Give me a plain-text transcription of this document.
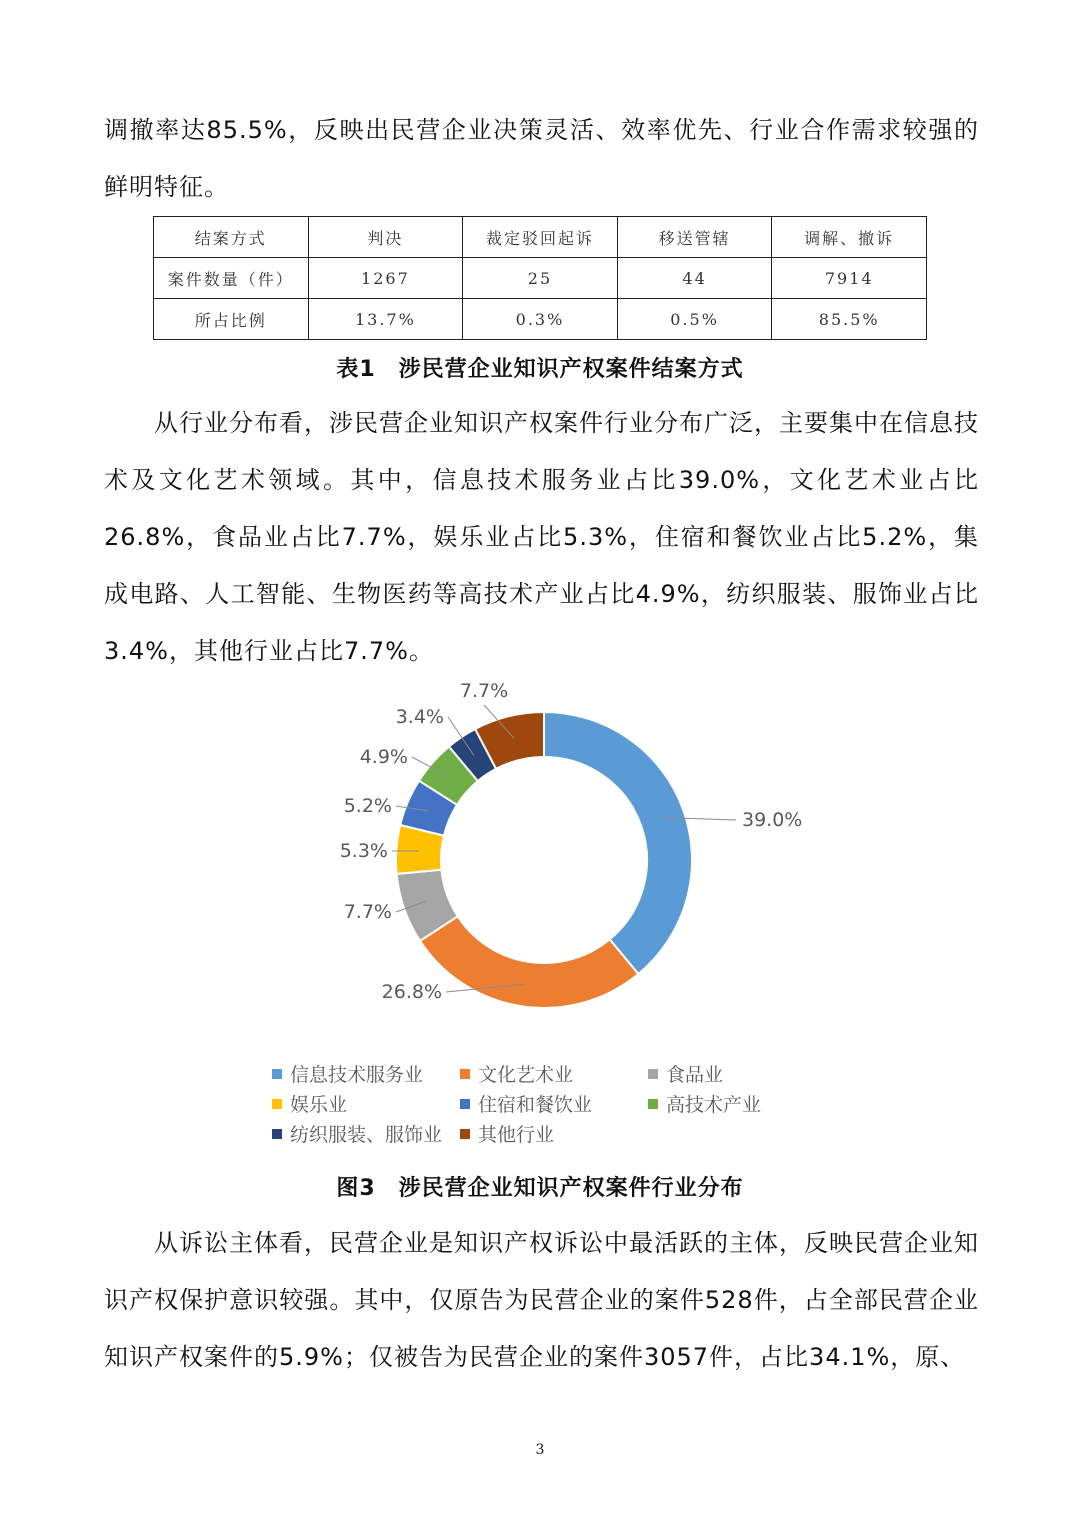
调撤率达85.5%，反映出民营企业决策灵活、效率优先、行业合作需求较强的鲜明特征。

结案方式	判决	裁定驳回起诉	移送管辖	调解、撤诉
案件数量（件）	1267	25	44	7914
所占比例	13.7%	0.3%	0.5%	85.5%

表1　涉民营企业知识产权案件结案方式

从行业分布看，涉民营企业知识产权案件行业分布广泛，主要集中在信息技术及文化艺术领域。其中，信息技术服务业占比39.0%，文化艺术业占比26.8%，食品业占比7.7%，娱乐业占比5.3%，住宿和餐饮业占比5.2%，集成电路、人工智能、生物医药等高技术产业占比4.9%，纺织服装、服饰业占比3.4%，其他行业占比7.7%。

39.0%
26.8%
7.7%
5.3%
5.2%
4.9%
3.4%
7.7%
信息技术服务业	文化艺术业	食品业
娱乐业	住宿和餐饮业	高技术产业
纺织服装、服饰业	其他行业

图3　涉民营企业知识产权案件行业分布

从诉讼主体看，民营企业是知识产权诉讼中最活跃的主体，反映民营企业知识产权保护意识较强。其中，仅原告为民营企业的案件528件，占全部民营企业知识产权案件的5.9%；仅被告为民营企业的案件3057件，占比34.1%，原、

3
